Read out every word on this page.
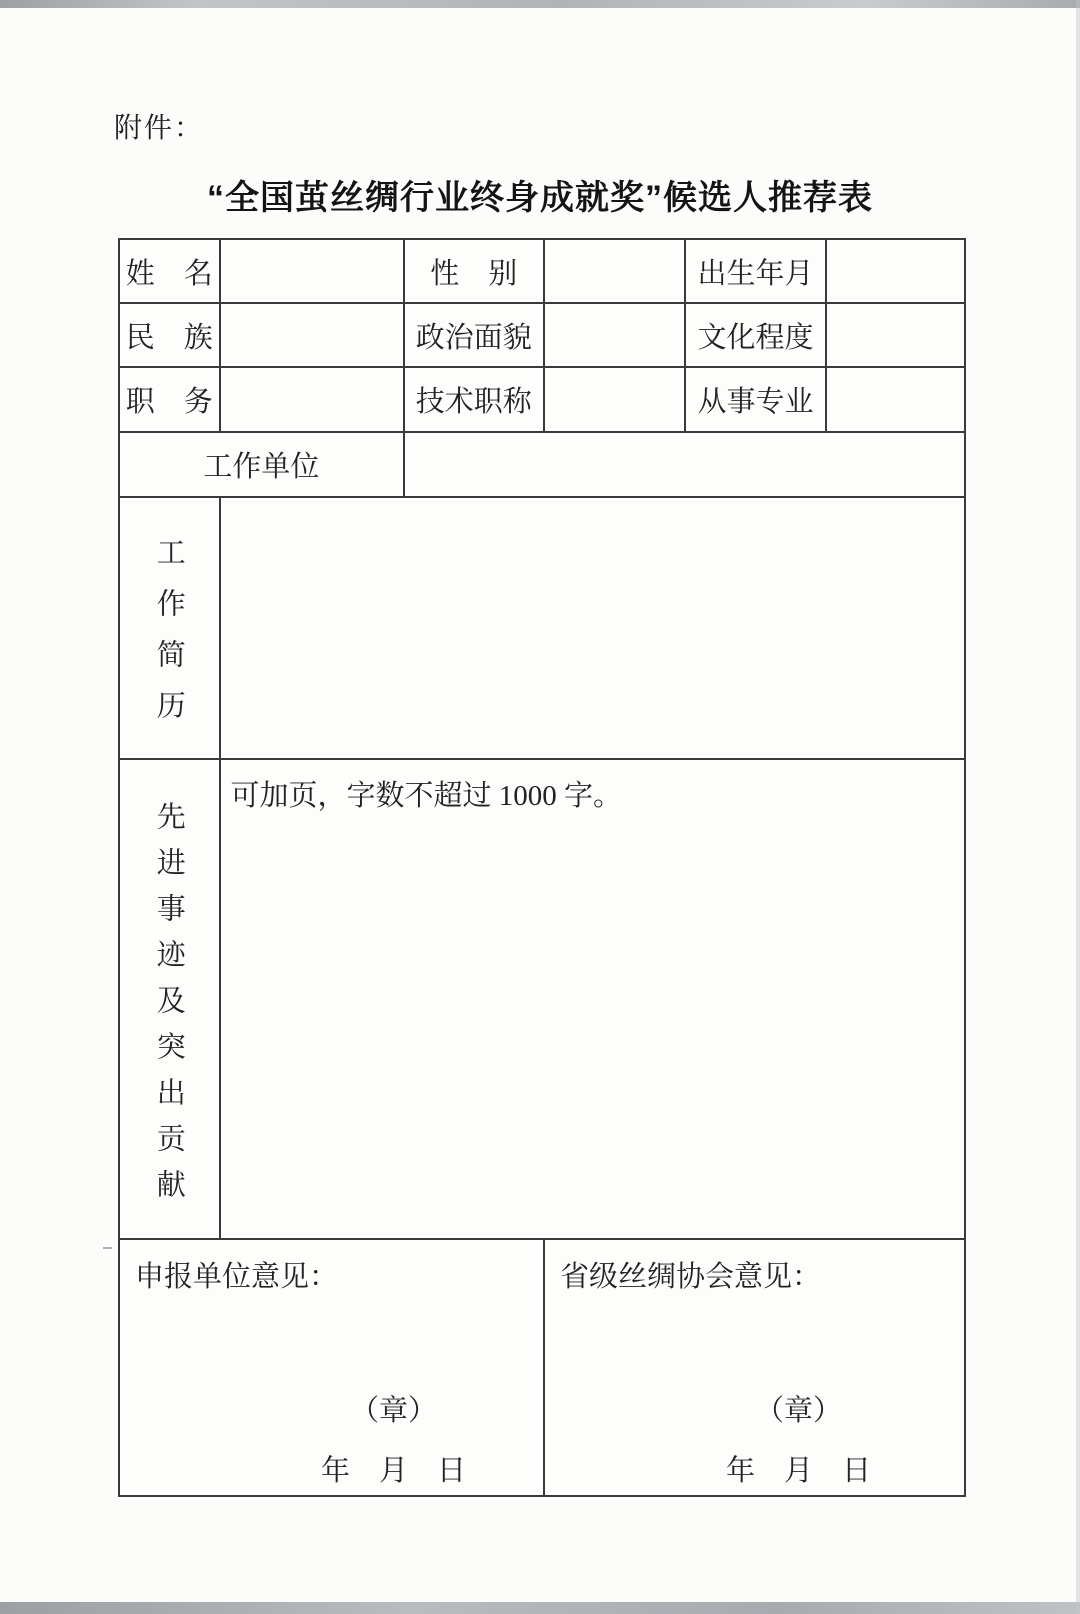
附件：
“全国茧丝绸行业终身成就奖”候选人推荐表
姓　名	性　别	出生年月
民　族	政治面貌	文化程度
职　务	技术职称	从事专业
工作单位
工作简历
先进事迹及突出贡献
可加页，字数不超过 1000 字。
申报单位意见：
（章）
年　月　日
省级丝绸协会意见：
（章）
年　月　日
